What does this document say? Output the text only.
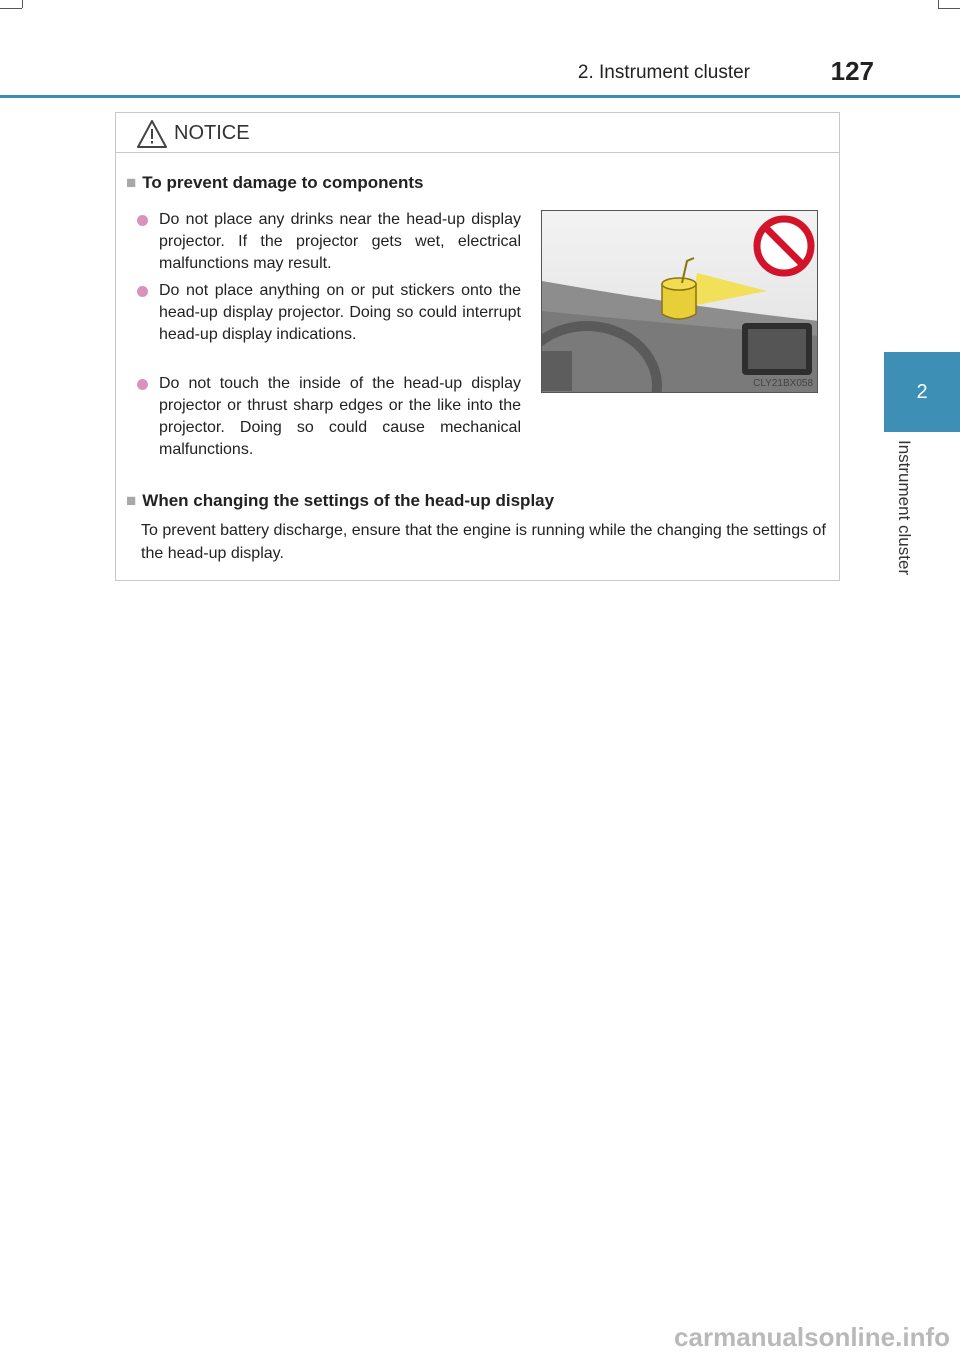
2. Instrument cluster	127
2
Instrument cluster
NOTICE
■ To prevent damage to components
Do not place any drinks near the head-up display projector. If the projector gets wet, electrical malfunctions may result.
Do not place anything on or put stickers onto the head-up display projector. Doing so could interrupt head-up display indications.
Do not touch the inside of the head-up display projector or thrust sharp edges or the like into the projector. Doing so could cause mechanical malfunctions.
CLY21BX058
■ When changing the settings of the head-up display
To prevent battery discharge, ensure that the engine is running while the changing the settings of the head-up display.
carmanualsonline.info
